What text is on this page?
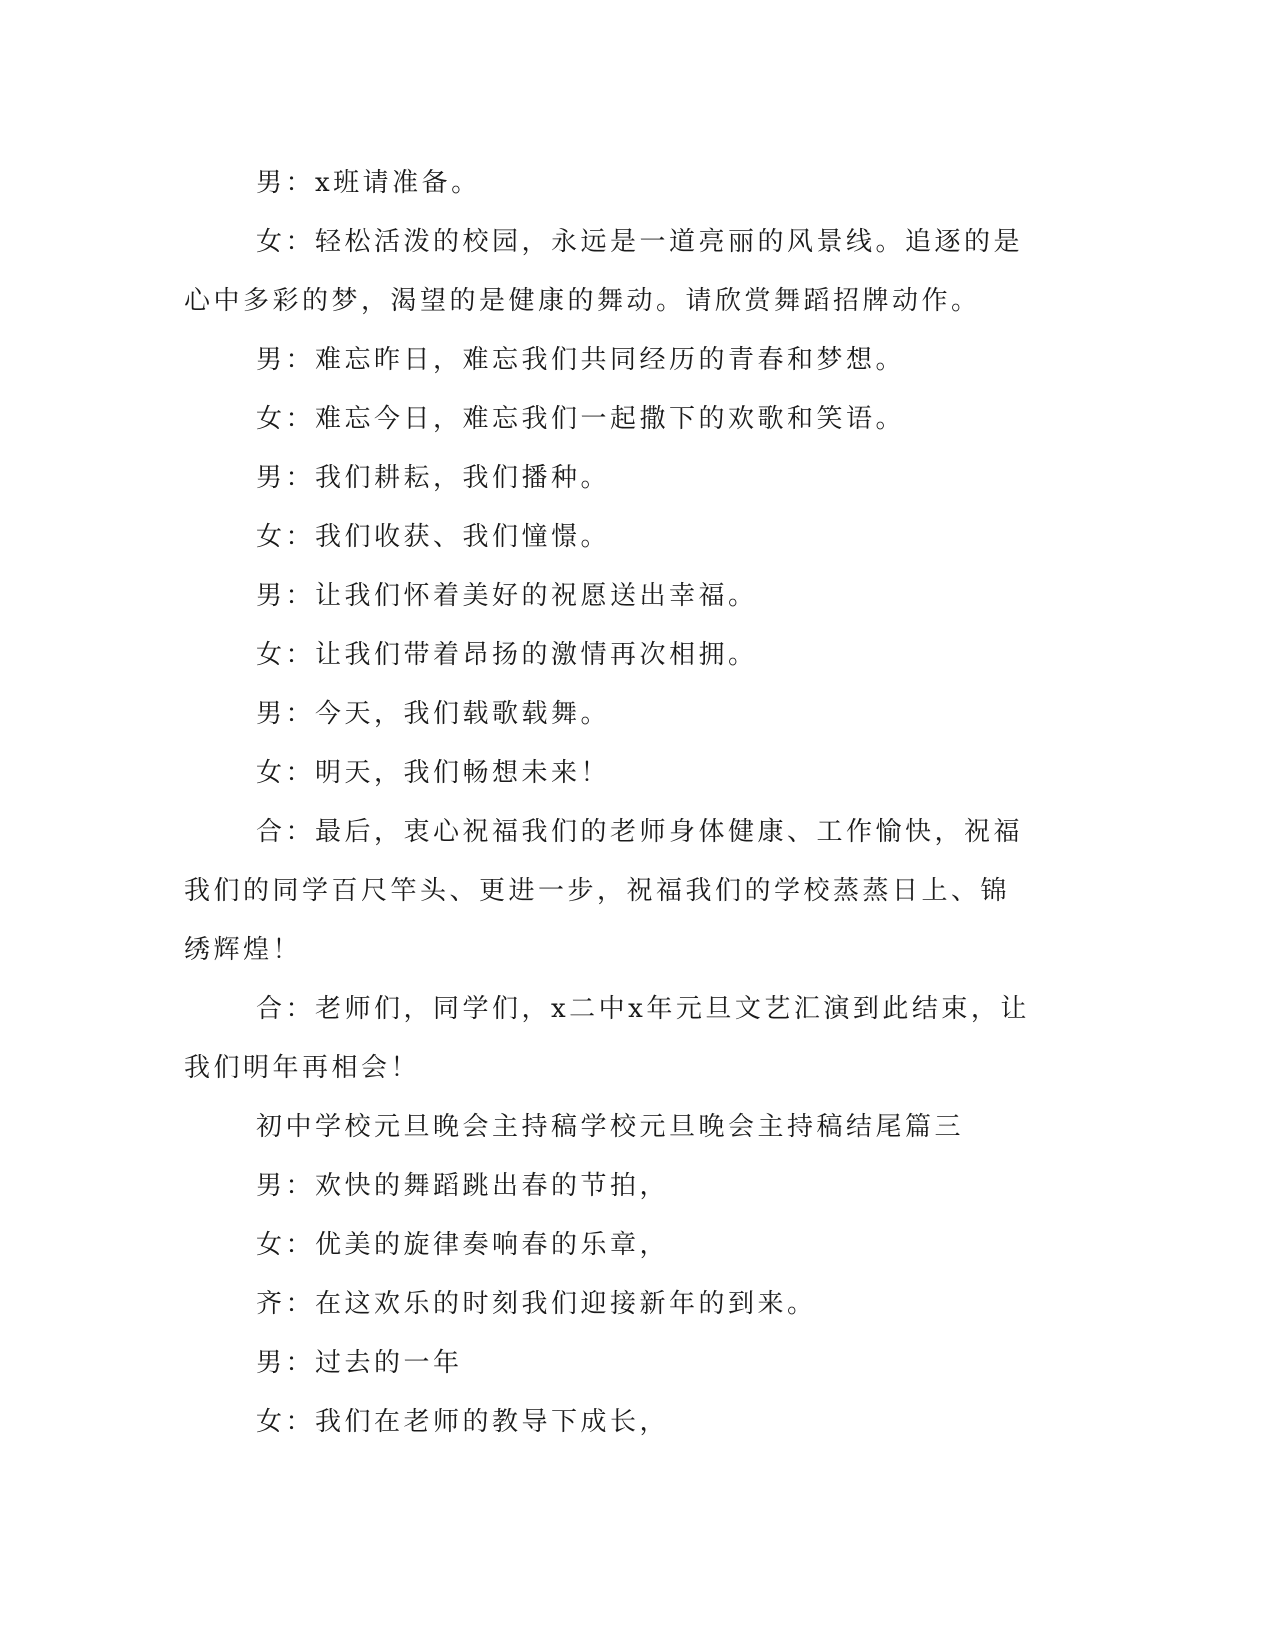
男：x班请准备。

女：轻松活泼的校园，永远是一道亮丽的风景线。追逐的是心中多彩的梦，渴望的是健康的舞动。请欣赏舞蹈招牌动作。

男：难忘昨日，难忘我们共同经历的青春和梦想。

女：难忘今日，难忘我们一起撒下的欢歌和笑语。

男：我们耕耘，我们播种。

女：我们收获、我们憧憬。

男：让我们怀着美好的祝愿送出幸福。

女：让我们带着昂扬的激情再次相拥。

男：今天，我们载歌载舞。

女：明天，我们畅想未来！

合：最后，衷心祝福我们的老师身体健康、工作愉快，祝福我们的同学百尺竿头、更进一步，祝福我们的学校蒸蒸日上、锦绣辉煌！

合：老师们，同学们，x二中x年元旦文艺汇演到此结束，让我们明年再相会！

初中学校元旦晚会主持稿学校元旦晚会主持稿结尾篇三

男：欢快的舞蹈跳出春的节拍，

女：优美的旋律奏响春的乐章，

齐：在这欢乐的时刻我们迎接新年的到来。

男：过去的一年

女：我们在老师的教导下成长，
